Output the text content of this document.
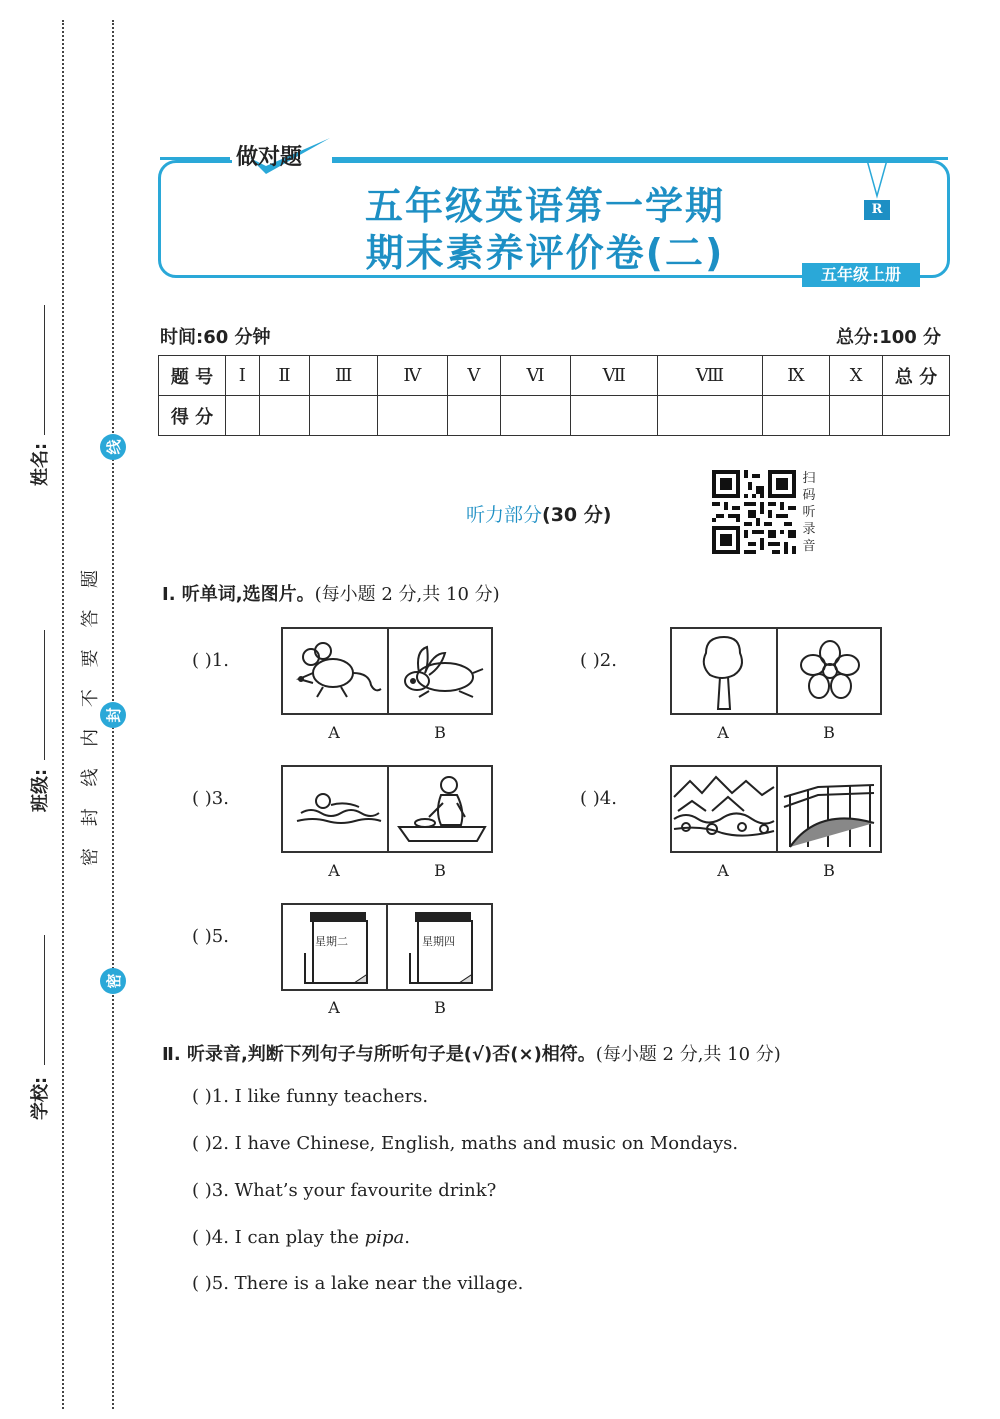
姓名:
班级:
学校:
线
封
密
密 封 线 内 不 要 答 题
做对题
五年级英语第一学期
期末素养评价卷(二)
R
五年级上册
时间:60 分钟	总分:100 分
题 号	Ⅰ	Ⅱ	Ⅲ	Ⅳ	Ⅴ	Ⅵ	Ⅶ	Ⅷ	Ⅸ	Ⅹ	总 分
得 分											
听力部分(30 分)
扫
码
听
录
音
Ⅰ. 听单词,选图片。(每小题 2 分,共 10 分)
( )1.
A	B
( )2.
A	B
( )3.
A	B
( )4.
A	B
( )5.	星期二	星期四
A	B
Ⅱ. 听录音,判断下列句子与所听句子是(√)否(×)相符。(每小题 2 分,共 10 分)
( )1. I like funny teachers.
( )2. I have Chinese, English, maths and music on Mondays.
( )3. What’s your favourite drink?
( )4. I can play the pipa.
( )5. There is a lake near the village.
